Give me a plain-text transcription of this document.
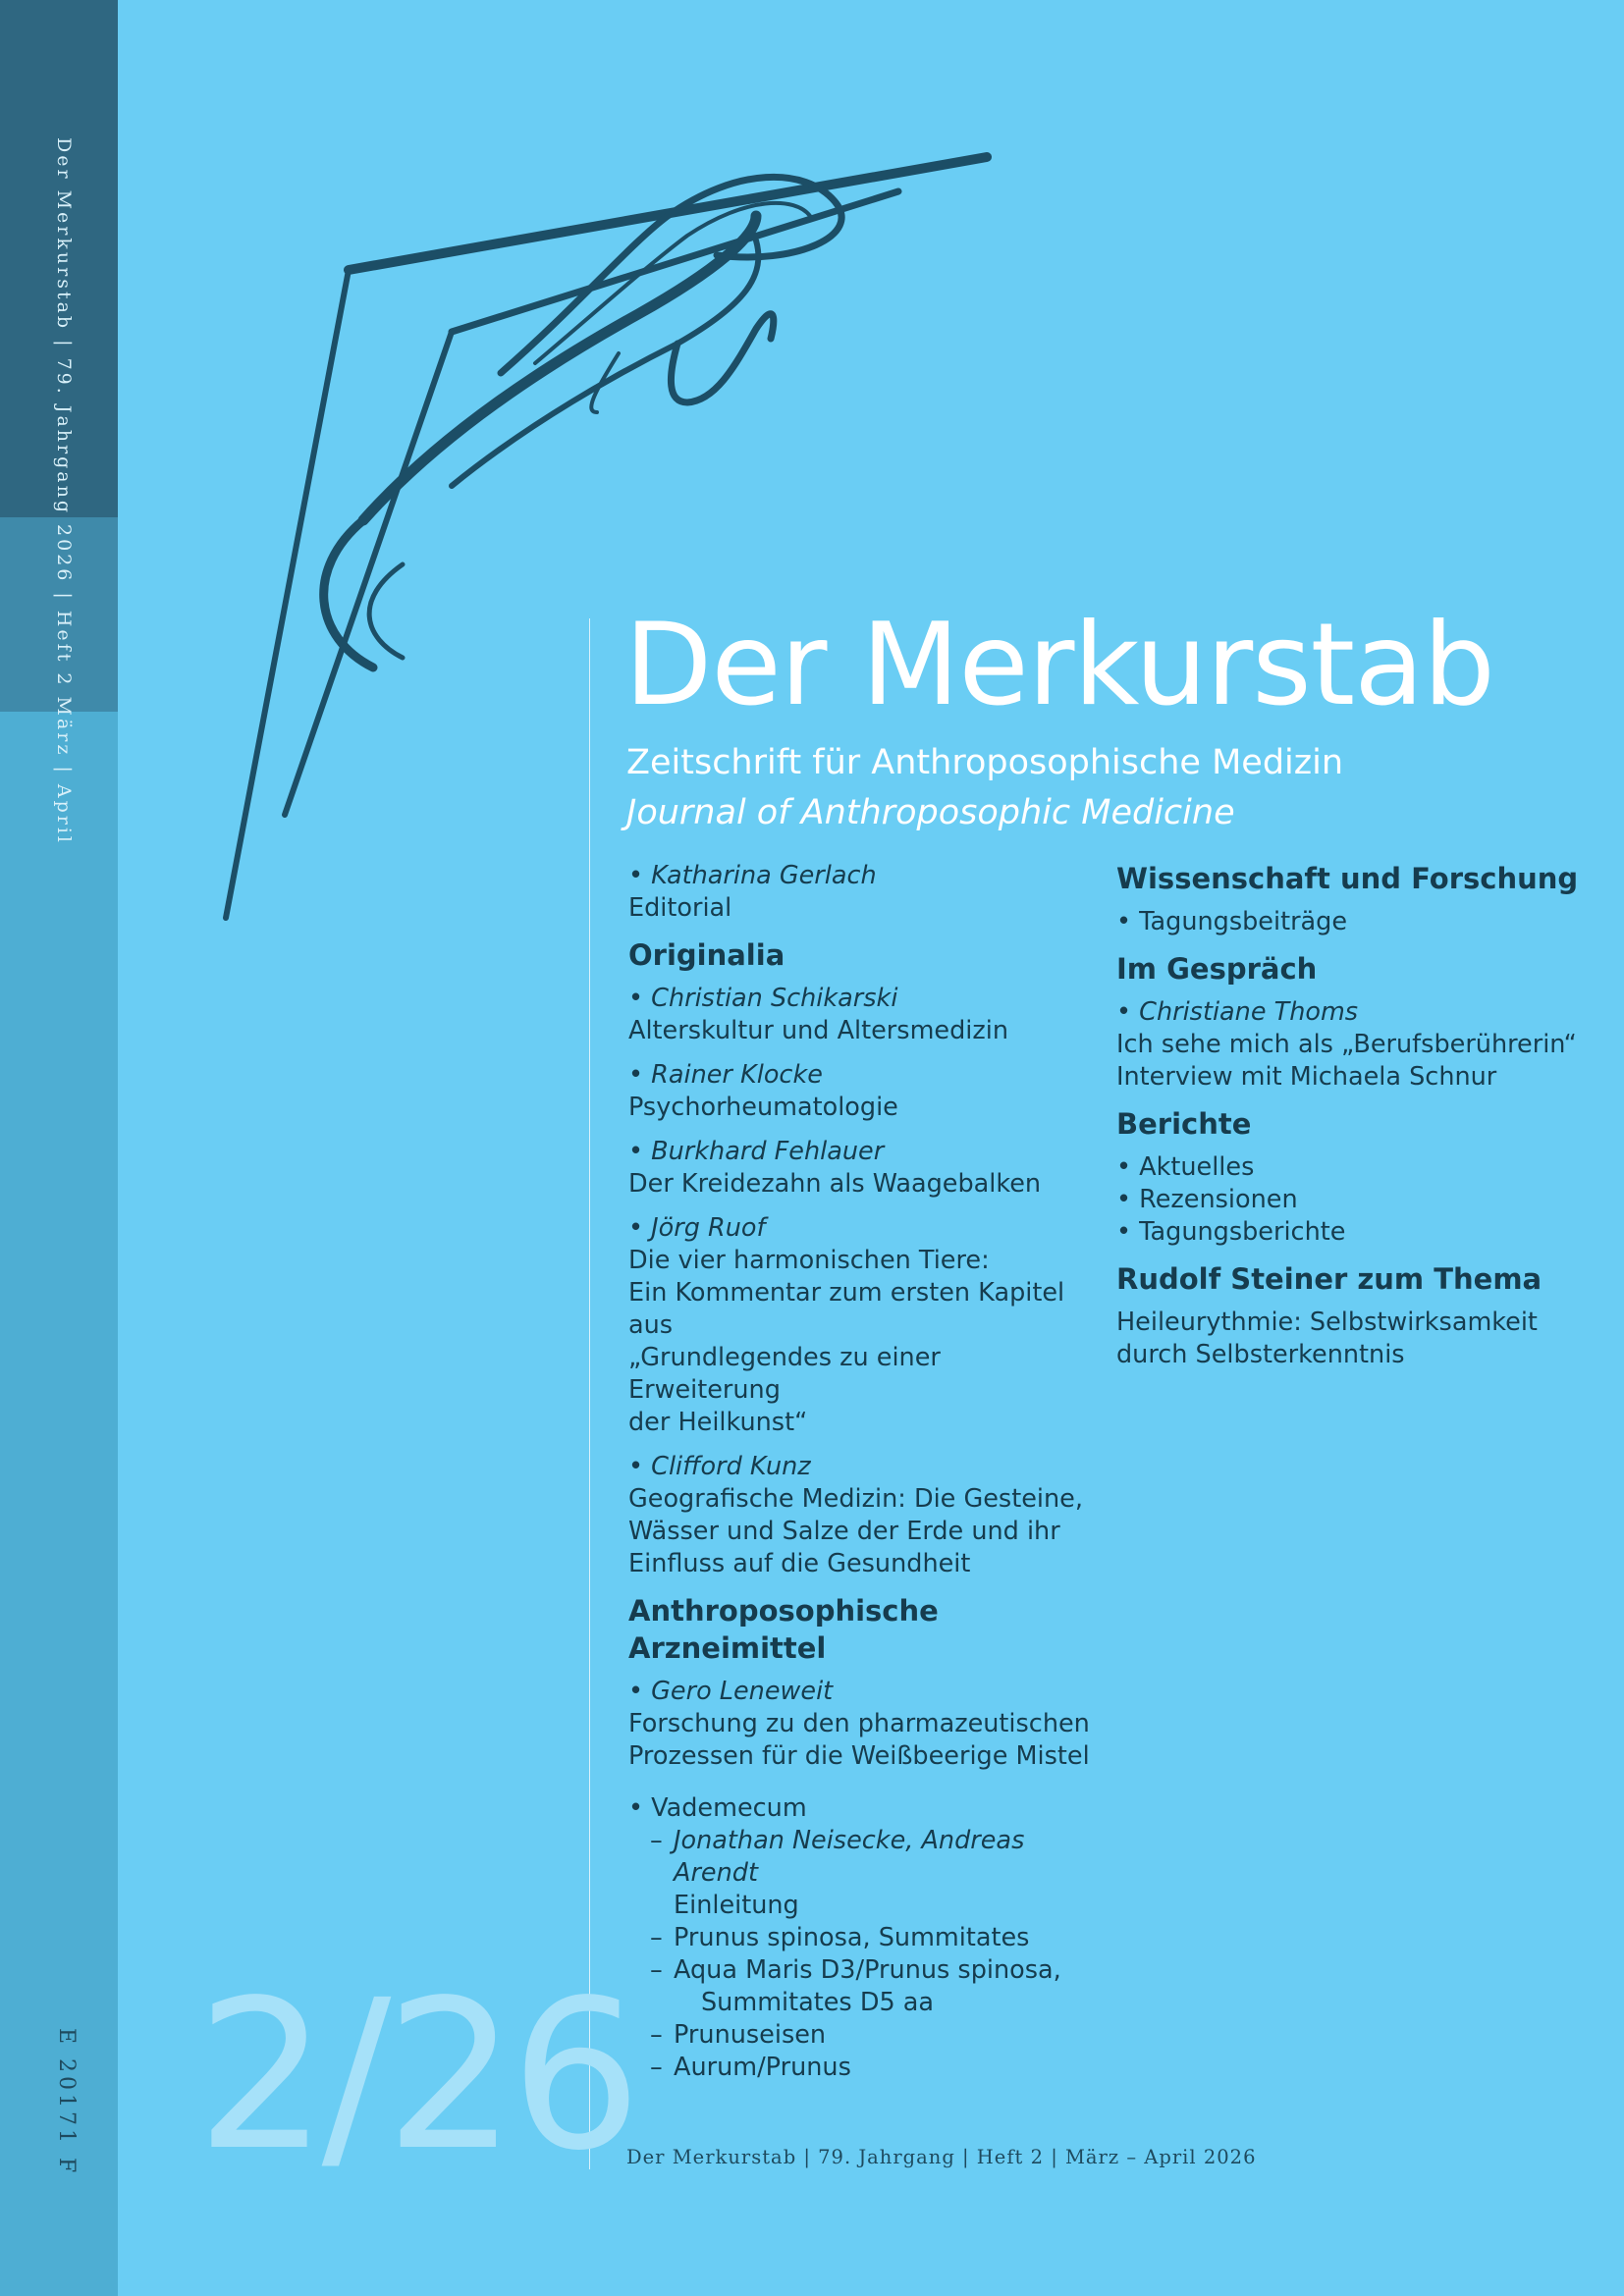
Der Merkurstab | 79. Jahrgang 2026 | Heft 2 März | April
E 20171 F
Der Merkurstab
Zeitschrift für Anthroposophische Medizin
Journal of Anthroposophic Medicine
• Katharina Gerlach
Editorial
Originalia
• Christian Schikarski
Alterskultur und Altersmedizin
• Rainer Klocke
Psychorheumatologie
• Burkhard Fehlauer
Der Kreidezahn als Waagebalken
• Jörg Ruof
Die vier harmonischen Tiere:
Ein Kommentar zum ersten Kapitel aus
„Grundlegendes zu einer Erweiterung
der Heilkunst“
• Clifford Kunz
Geografische Medizin: Die Gesteine,
Wässer und Salze der Erde und ihr
Einfluss auf die Gesundheit
Anthroposophische Arzneimittel
• Gero Leneweit
Forschung zu den pharmazeutischen
Prozessen für die Weißbeerige Mistel
• Vademecum
– Jonathan Neisecke, Andreas Arendt
Einleitung
– Prunus spinosa, Summitates
– Aqua Maris D3/Prunus spinosa,
Summitates D5 aa
– Prunuseisen
– Aurum/Prunus
Wissenschaft und Forschung
• Tagungsbeiträge
Im Gespräch
• Christiane Thoms
Ich sehe mich als „Berufsberührerin“
Interview mit Michaela Schnur
Berichte
• Aktuelles
• Rezensionen
• Tagungsberichte
Rudolf Steiner zum Thema
Heileurythmie: Selbstwirksamkeit
durch Selbsterkenntnis
2/26
Der Merkurstab | 79. Jahrgang | Heft 2 | März – April 2026
